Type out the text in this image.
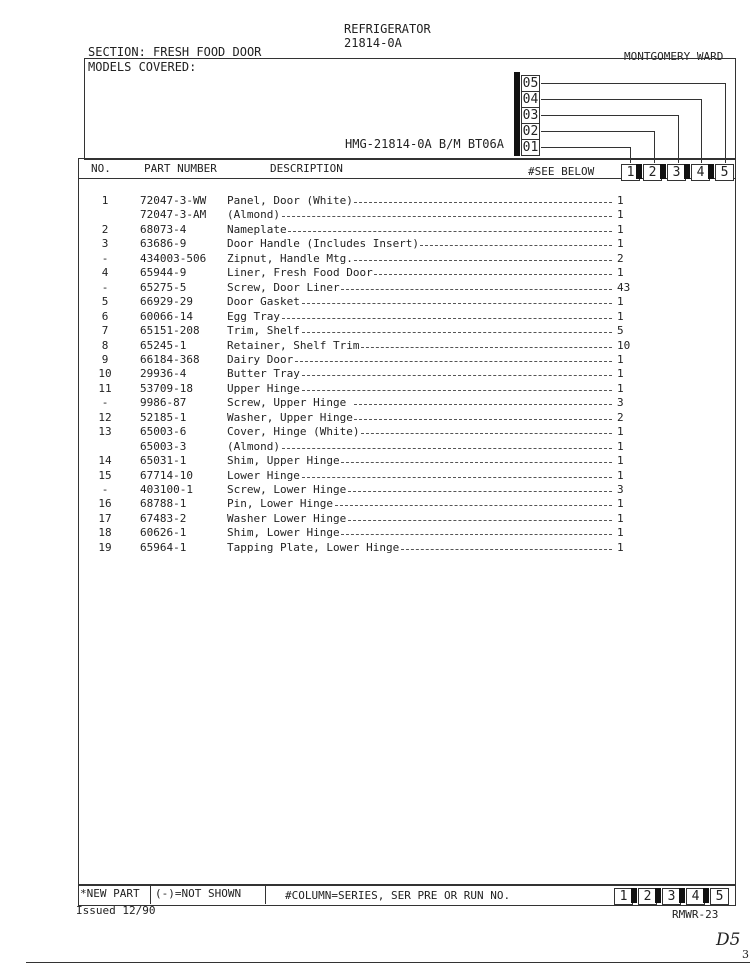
REFRIGERATOR
21814-0A
SECTION: FRESH FOOD DOOR	MONTGOMERY WARD
MODELS COVERED:
HMG-21814-0A B/M BT06A
05
04
03
02
01
NO.	PART NUMBER	DESCRIPTION	#SEE BELOW	1	2	3	4	5
1	72047-3-WW Panel, Door (White)	1
72047-3-AM (Almond)	1
2	68073-4	Nameplate	1
3	63686-9	Door Handle (Includes Insert)	1
-	434003-506 Zipnut, Handle Mtg.	2
4	65944-9	Liner, Fresh Food Door	1
-	65275-5	Screw, Door Liner	43
5	66929-29	Door Gasket	1
6	60066-14	Egg Tray	1
7	65151-208 Trim, Shelf	5
8	65245-1	Retainer, Shelf Trim	10
9	66184-368 Dairy Door	1
10	29936-4	Butter Tray	1
11	53709-18	Upper Hinge	1
-	9986-87	Screw, Upper Hinge	3
12	52185-1	Washer, Upper Hinge	2
13	65003-6	Cover, Hinge (White)	1
65003-3	(Almond)	1
14	65031-1	Shim, Upper Hinge	1
15	67714-10	Lower Hinge	1
-	403100-1	Screw, Lower Hinge	3
16	68788-1	Pin, Lower Hinge	1
17	67483-2	Washer Lower Hinge	1
18	60626-1	Shim, Lower Hinge	1
19	65964-1	Tapping Plate, Lower Hinge	1
*NEW PART (-)=NOT SHOWN	#COLUMN=SERIES, SER PRE OR RUN NO.	1	2	3	4	5
Issued 12/90	RMWR-23
D5
3
